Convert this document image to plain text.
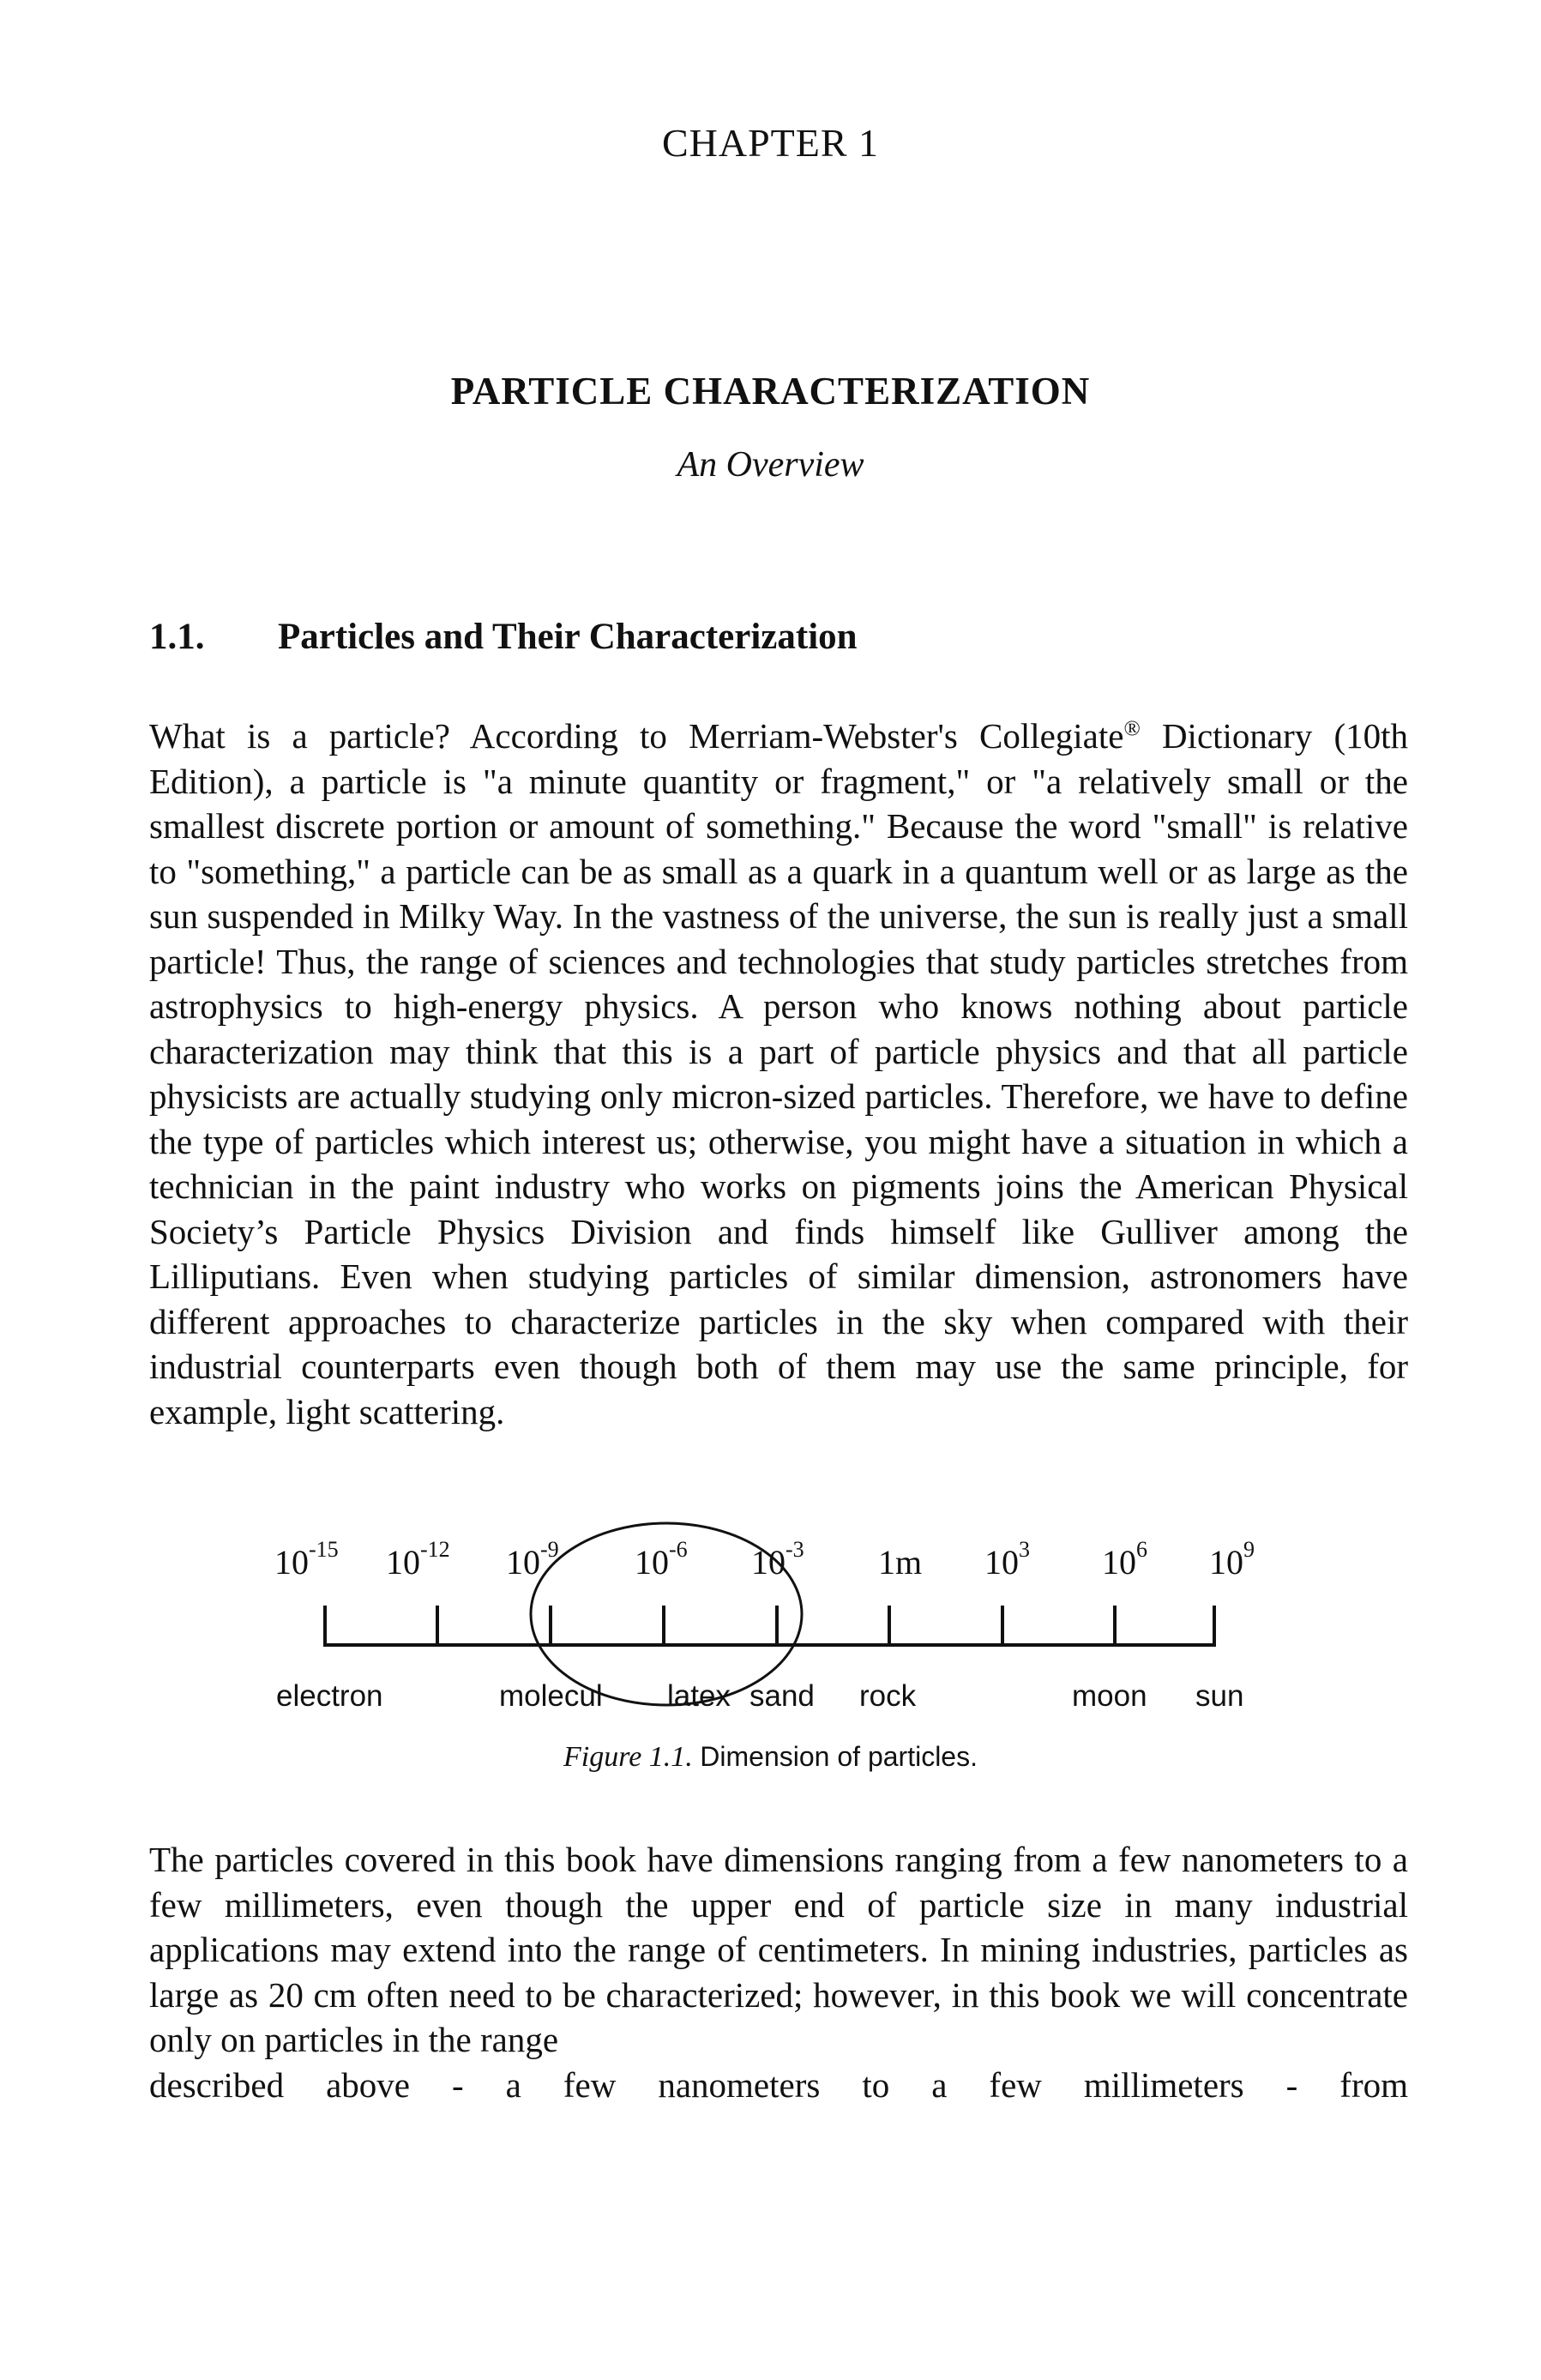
CHAPTER 1
PARTICLE CHARACTERIZATION
An Overview
1.1. Particles and Their Characterization
What is a particle? According to Merriam-Webster's Collegiate® Dictionary (10th Edition), a particle is "a minute quantity or fragment," or "a relatively small or the smallest discrete portion or amount of something." Because the word "small" is relative to "something," a particle can be as small as a quark in a quantum well or as large as the sun suspended in Milky Way. In the vastness of the universe, the sun is really just a small particle! Thus, the range of sciences and technologies that study particles stretches from astrophysics to high-energy physics. A person who knows nothing about particle characterization may think that this is a part of particle physics and that all particle physicists are actually studying only micron-sized particles. Therefore, we have to define the type of particles which interest us; otherwise, you might have a situation in which a technician in the paint industry who works on pigments joins the American Physical Society’s Particle Physics Division and finds himself like Gulliver among the Lilliputians. Even when studying particles of similar dimension, astronomers have different approaches to characterize particles in the sky when compared with their industrial counterparts even though both of them may use the same principle, for example, light scattering.
$10^{-15}$ $10^{-12}$ $10^{-9}$ $10^{-6}$ $10^{-3}$ 1m $10^3$ $10^6$ $10^9$
electron	molecul latex sand rock	moon sun
Figure 1.1. Dimension of particles.
The particles covered in this book have dimensions ranging from a few nanometers to a few millimeters, even though the upper end of particle size in many industrial applications may extend into the range of centimeters. In mining industries, particles as large as 20 cm often need to be characterized; however, in this book we will concentrate only on particles in the range
described above - a few nanometers to a few millimeters - from
